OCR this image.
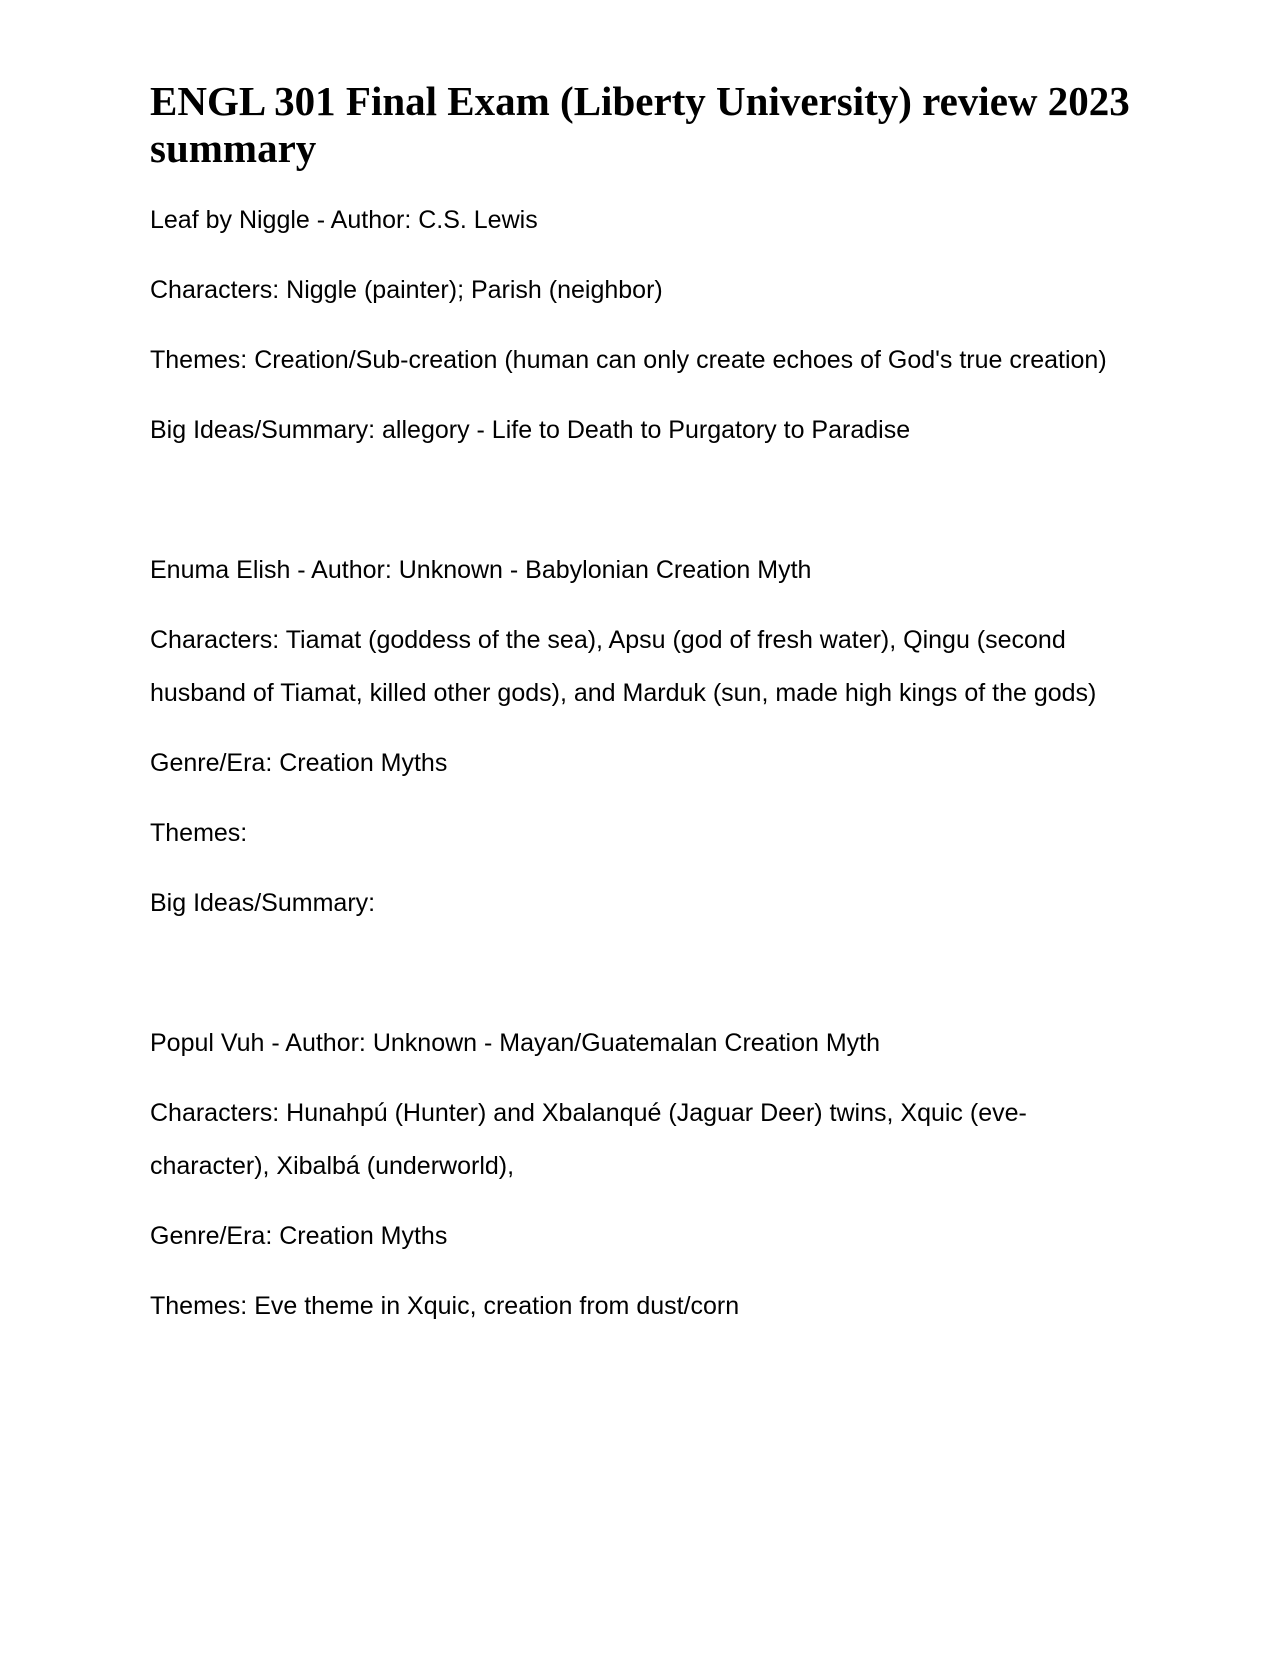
ENGL 301 Final Exam (Liberty University) review 2023 summary

Leaf by Niggle - Author: C.S. Lewis

Characters: Niggle (painter); Parish (neighbor)

Themes: Creation/Sub-creation (human can only create echoes of God's true creation)

Big Ideas/Summary: allegory - Life to Death to Purgatory to Paradise

Enuma Elish - Author: Unknown - Babylonian Creation Myth

Characters: Tiamat (goddess of the sea), Apsu (god of fresh water), Qingu (second husband of Tiamat, killed other gods), and Marduk (sun, made high kings of the gods)

Genre/Era: Creation Myths

Themes:

Big Ideas/Summary:

Popul Vuh - Author: Unknown - Mayan/Guatemalan Creation Myth

Characters: Hunahpú (Hunter) and Xbalanqué (Jaguar Deer) twins, Xquic (eve-character), Xibalbá (underworld),

Genre/Era: Creation Myths

Themes: Eve theme in Xquic, creation from dust/corn
